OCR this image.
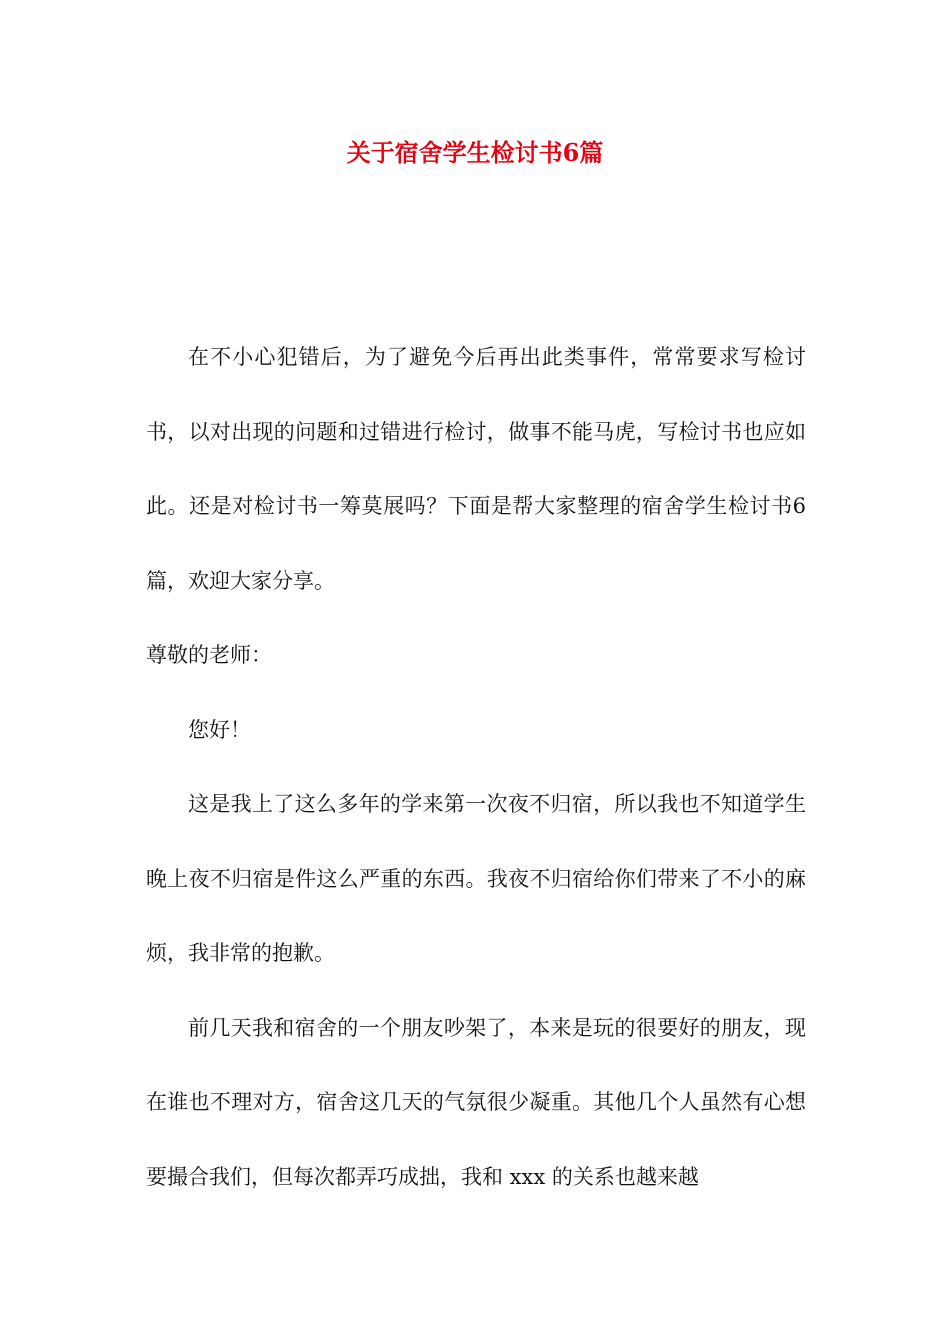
关于宿舍学生检讨书6篇

在不小心犯错后，为了避免今后再出此类事件，常常要求写检讨书，以对出现的问题和过错进行检讨，做事不能马虎，写检讨书也应如此。还是对检讨书一筹莫展吗？下面是帮大家整理的宿舍学生检讨书6篇，欢迎大家分享。

尊敬的老师：

您好！

这是我上了这么多年的学来第一次夜不归宿，所以我也不知道学生晚上夜不归宿是件这么严重的东西。我夜不归宿给你们带来了不小的麻烦，我非常的抱歉。

前几天我和宿舍的一个朋友吵架了，本来是玩的很要好的朋友，现在谁也不理对方，宿舍这几天的气氛很少凝重。其他几个人虽然有心想要撮合我们，但每次都弄巧成拙，我和 xxx 的关系也越来越
